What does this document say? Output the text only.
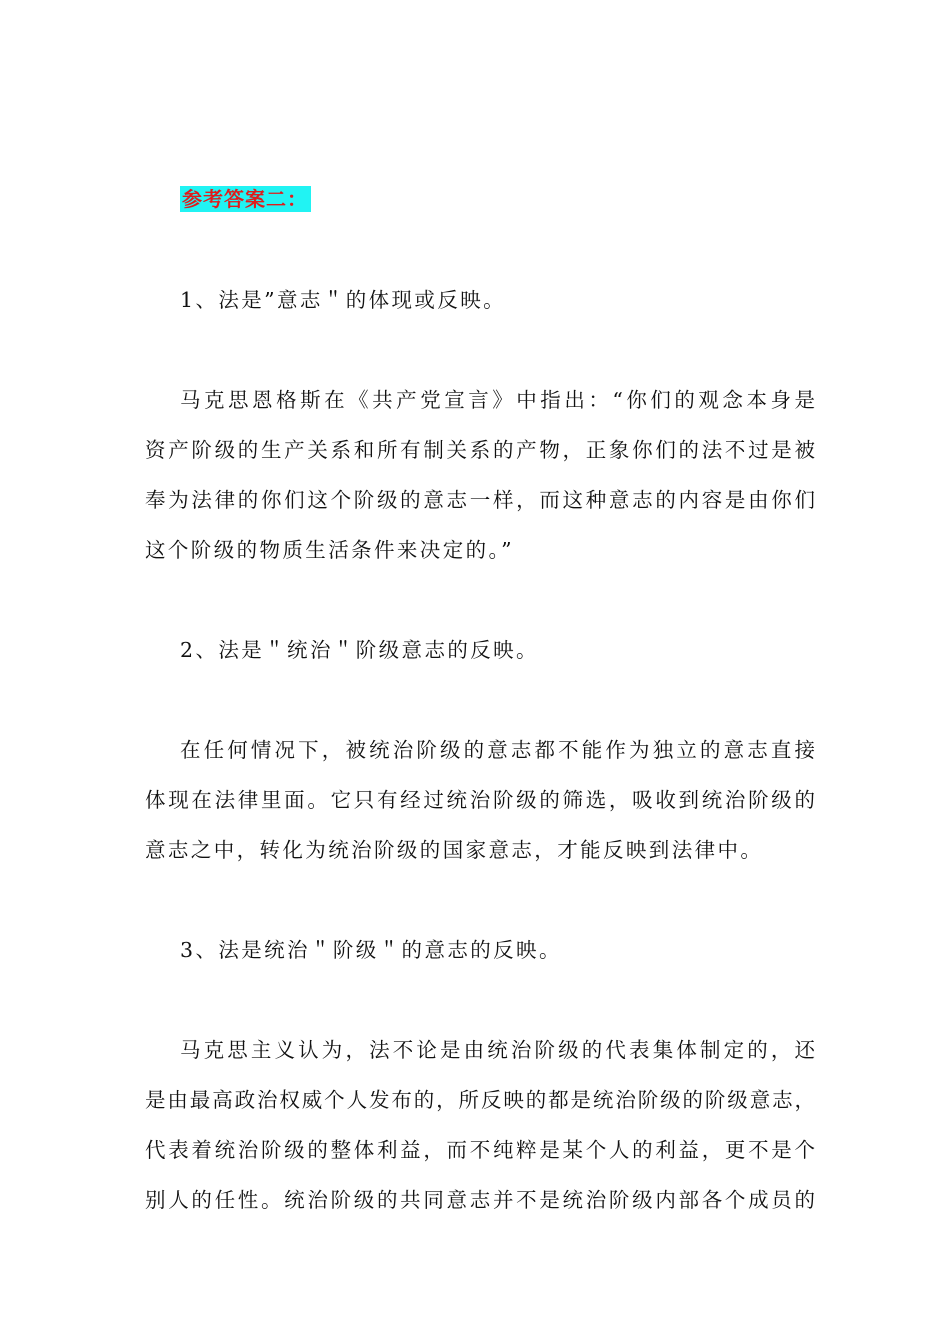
参考答案二：
1、法是”意志＂的体现或反映。
马克思恩格斯在《共产党宣言》中指出：“你们的观念本身是
资产阶级的生产关系和所有制关系的产物，正象你们的法不过是被
奉为法律的你们这个阶级的意志一样，而这种意志的内容是由你们
这个阶级的物质生活条件来决定的。”
2、法是＂统治＂阶级意志的反映。
在任何情况下，被统治阶级的意志都不能作为独立的意志直接
体现在法律里面。它只有经过统治阶级的筛选，吸收到统治阶级的
意志之中，转化为统治阶级的国家意志，才能反映到法律中。
3、法是统治＂阶级＂的意志的反映。
马克思主义认为，法不论是由统治阶级的代表集体制定的，还
是由最高政治权威个人发布的，所反映的都是统治阶级的阶级意志，
代表着统治阶级的整体利益，而不纯粹是某个人的利益，更不是个
别人的任性。统治阶级的共同意志并不是统治阶级内部各个成员的
